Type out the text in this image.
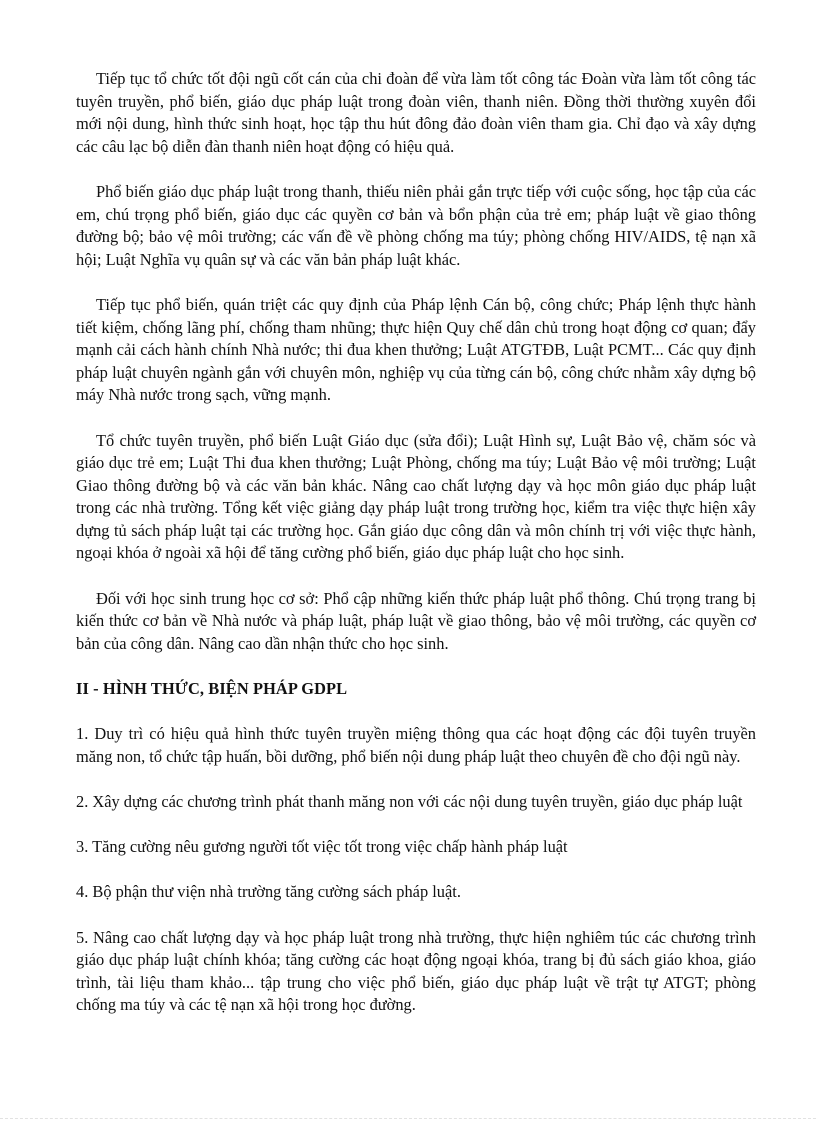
Tiếp tục tổ chức tốt đội ngũ cốt cán của chi đoàn để vừa làm tốt công tác Đoàn vừa làm tốt công tác tuyên truyền, phổ biến, giáo dục pháp luật trong đoàn viên, thanh niên. Đồng thời thường xuyên đổi mới nội dung, hình thức sinh hoạt, học tập thu hút đông đảo đoàn viên tham gia. Chỉ đạo và xây dựng các câu lạc bộ diễn đàn thanh niên hoạt động có hiệu quả.

Phổ biến giáo dục pháp luật trong thanh, thiếu niên phải gắn trực tiếp với cuộc sống, học tập của các em, chú trọng phổ biến, giáo dục các quyền cơ bản và bổn phận của trẻ em; pháp luật về giao thông đường bộ; bảo vệ môi trường; các vấn đề về phòng chống ma túy; phòng chống HIV/AIDS, tệ nạn xã hội; Luật Nghĩa vụ quân sự và các văn bản pháp luật khác.

Tiếp tục phổ biến, quán triệt các quy định của Pháp lệnh Cán bộ, công chức; Pháp lệnh thực hành tiết kiệm, chống lãng phí, chống tham nhũng; thực hiện Quy chế dân chủ trong hoạt động cơ quan; đẩy mạnh cải cách hành chính Nhà nước; thi đua khen thưởng; Luật ATGTĐB, Luật PCMT... Các quy định pháp luật chuyên ngành gắn với chuyên môn, nghiệp vụ của từng cán bộ, công chức nhằm xây dựng bộ máy Nhà nước trong sạch, vững mạnh.

Tổ chức tuyên truyền, phổ biến Luật Giáo dục (sửa đổi); Luật Hình sự, Luật Bảo vệ, chăm sóc và giáo dục trẻ em; Luật Thi đua khen thưởng; Luật Phòng, chống ma túy; Luật Bảo vệ môi trường; Luật Giao thông đường bộ và các văn bản khác. Nâng cao chất lượng dạy và học môn giáo dục pháp luật trong các nhà trường. Tổng kết việc giảng dạy pháp luật trong trường học, kiểm tra việc thực hiện xây dựng tủ sách pháp luật tại các trường học. Gắn giáo dục công dân và môn chính trị với việc thực hành, ngoại khóa ở ngoài xã hội để tăng cường phổ biến, giáo dục pháp luật cho học sinh.

Đối với học sinh trung học cơ sở: Phổ cập những kiến thức pháp luật phổ thông. Chú trọng trang bị kiến thức cơ bản về Nhà nước và pháp luật, pháp luật về giao thông, bảo vệ môi trường, các quyền cơ bản của công dân. Nâng cao dần nhận thức cho học sinh.

II - HÌNH THỨC, BIỆN PHÁP GDPL

1. Duy trì có hiệu quả hình thức tuyên truyền miệng thông qua các hoạt động các đội tuyên truyền măng non, tổ chức tập huấn, bồi dưỡng, phổ biến nội dung pháp luật theo chuyên đề cho đội ngũ này.

2. Xây dựng các chương trình phát thanh măng non với các nội dung tuyên truyền, giáo dục pháp luật

3. Tăng cường nêu gương người tốt việc tốt trong việc chấp hành pháp luật

4. Bộ phận thư viện nhà trường tăng cường sách pháp luật.

5. Nâng cao chất lượng dạy và học pháp luật trong nhà trường, thực hiện nghiêm túc các chương trình giáo dục pháp luật chính khóa; tăng cường các hoạt động ngoại khóa, trang bị đủ sách giáo khoa, giáo trình, tài liệu tham khảo... tập trung cho việc phổ biến, giáo dục pháp luật về trật tự ATGT; phòng chống ma túy và các tệ nạn xã hội trong học đường.
